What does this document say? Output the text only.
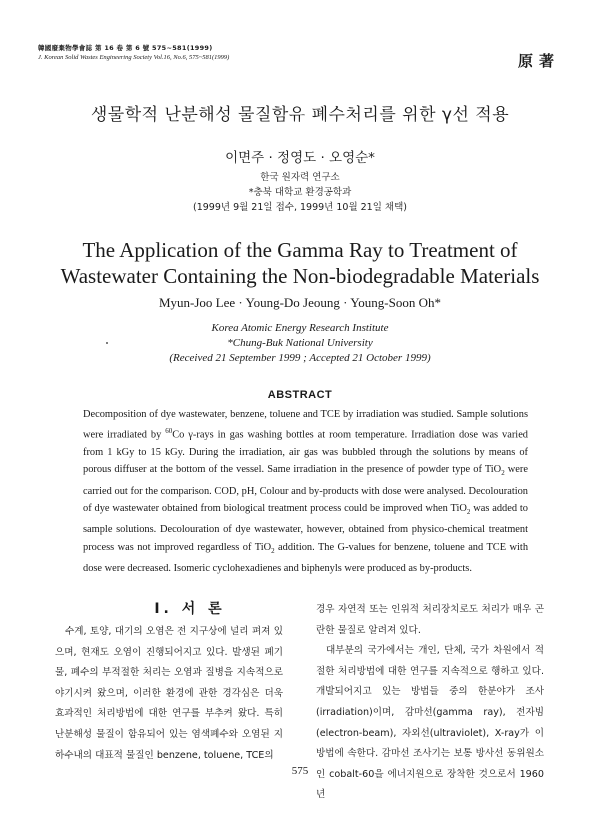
韓國廢棄物學會誌 第 16 卷 第 6 號 575~581(1999)
J. Korean Solid Wastes Engineering Society Vol.16, No.6, 575~581(1999)	原著
생물학적 난분해성 물질함유 폐수처리를 위한 γ선 적용
이면주 · 정영도 · 오영순*
한국 원자력 연구소
*충북 대학교 환경공학과
(1999년 9월 21일 접수, 1999년 10월 21일 채택)
The Application of the Gamma Ray to Treatment of
Wastewater Containing the Non-biodegradable Materials
Myun-Joo Lee · Young-Do Jeoung · Young-Soon Oh*
Korea Atomic Energy Research Institute
*Chung-Buk National University
(Received 21 September 1999 ; Accepted 21 October 1999)
ABSTRACT
Decomposition of dye wastewater, benzene, toluene and TCE by irradiation was studied. Sample solutions were irradiated by $^{60}$Co γ-rays in gas washing bottles at room temperature. Irradiation dose was varied from 1 kGy to 15 kGy. During the irradiation, air gas was bubbled through the solutions by means of porous diffuser at the bottom of the vessel. Same irradiation in the presence of powder type of TiO$_2$ were carried out for the comparison. COD, pH, Colour and by-products with dose were analysed. Decolouration of dye wastewater obtained from biological treatment process could be improved when TiO$_2$ was added to sample solutions. Decolouration of dye wastewater, however, obtained from physico-chemical treatment process was not improved regardless of TiO$_2$ addition. The G-values for benzene, toluene and TCE with dose were decreased. Isomeric cyclohexadienes and biphenyls were produced as by-products.
Ⅰ. 서 론

수계, 토양, 대기의 오염은 전 지구상에 널리 펴져 있으며, 현재도 오염이 진행되어지고 있다. 발생된 폐기물, 폐수의 부적절한 처리는 오염과 질병을 지속적으로 야기시켜 왔으며, 이러한 환경에 관한 경각심은 더욱 효과적인 처리방법에 대한 연구를 부추켜 왔다. 특히 난분해성 물질이 함유되어 있는 염색폐수와 오염된 지하수내의 대표적 물질인 benzene, toluene, TCE의

경우 자연적 또는 인위적 처리장치로도 처리가 매우 곤란한 물질로 알려져 있다.

대부분의 국가에서는 개인, 단체, 국가 차원에서 적절한 처리방법에 대한 연구를 지속적으로 행하고 있다. 개발되어지고 있는 방법들 중의 한분야가 조사(irradiation)이며, 감마선(gamma ray), 전자빔(electron-beam), 자외선(ultraviolet), X-ray가 이 방법에 속한다. 감마선 조사기는 보통 방사선 동위원소인 cobalt-60을 에너지원으로 장착한 것으로서 1960년

575
